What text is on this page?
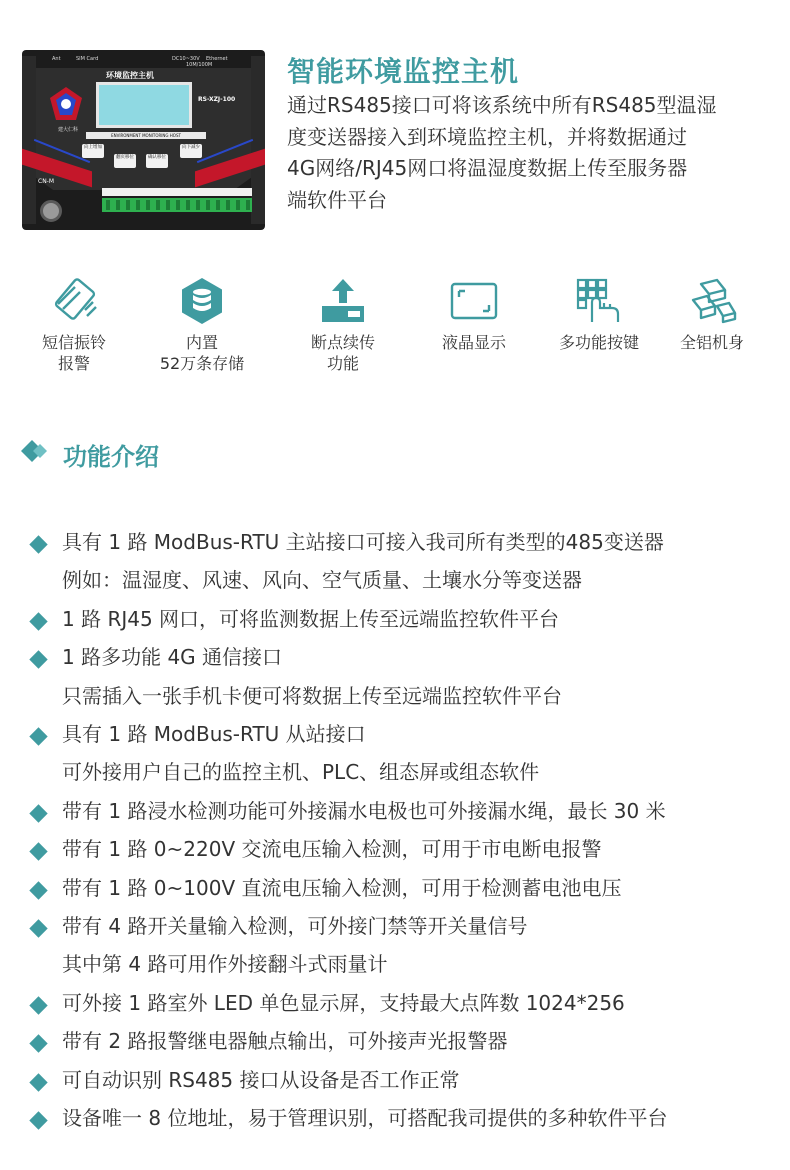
Ant	SIM Card	DC10~30V Ethernet
10M/100M
环境监控主机
建大仁科
RS-XZJ-100
ENVIRONMENT MONITORING HOST
向上增加
翻页移位	确认移位
向下减少
CN-M
智能环境监控主机
通过RS485接口可将该系统中所有RS485型温湿
度变送器接入到环境监控主机，并将数据通过
4G网络/RJ45网口将温湿度数据上传至服务器
端软件平台
短信振铃
报警
内置
52万条存储
断点续传
功能
液晶显示	多功能按键	全铝机身
功能介绍
具有 1 路 ModBus-RTU 主站接口可接入我司所有类型的485变送器
例如：温湿度、风速、风向、空气质量、土壤水分等变送器
1 路 RJ45 网口，可将监测数据上传至远端监控软件平台
1 路多功能 4G 通信接口
只需插入一张手机卡便可将数据上传至远端监控软件平台
具有 1 路 ModBus-RTU 从站接口
可外接用户自己的监控主机、PLC、组态屏或组态软件
带有 1 路浸水检测功能可外接漏水电极也可外接漏水绳，最长 30 米
带有 1 路 0~220V 交流电压输入检测，可用于市电断电报警
带有 1 路 0~100V 直流电压输入检测，可用于检测蓄电池电压
带有 4 路开关量输入检测，可外接门禁等开关量信号
其中第 4 路可用作外接翻斗式雨量计
可外接 1 路室外 LED 单色显示屏，支持最大点阵数 1024*256
带有 2 路报警继电器触点输出，可外接声光报警器
可自动识别 RS485 接口从设备是否工作正常
设备唯一 8 位地址，易于管理识别，可搭配我司提供的多种软件平台
